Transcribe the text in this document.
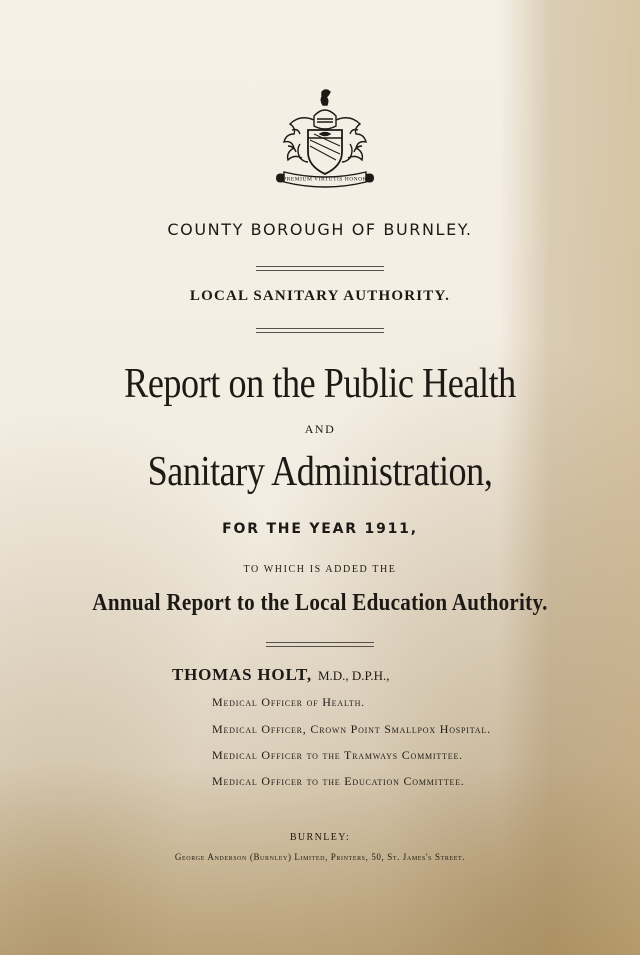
PREMIUM VIRTUTIS HONOR
COUNTY BOROUGH OF BURNLEY.
LOCAL SANITARY AUTHORITY.
Report on the Public Health
AND
Sanitary Administration,
FOR THE YEAR 1911,
TO WHICH IS ADDED THE
Annual Report to the Local Education Authority.
THOMAS HOLT, M.D., D.P.H.,
Medical Officer of Health.
Medical Officer, Crown Point Smallpox Hospital.
Medical Officer to the Tramways Committee.
Medical Officer to the Education Committee.
BURNLEY:
George Anderson (Burnley) Limited, Printers, 50, St. James's Street.
